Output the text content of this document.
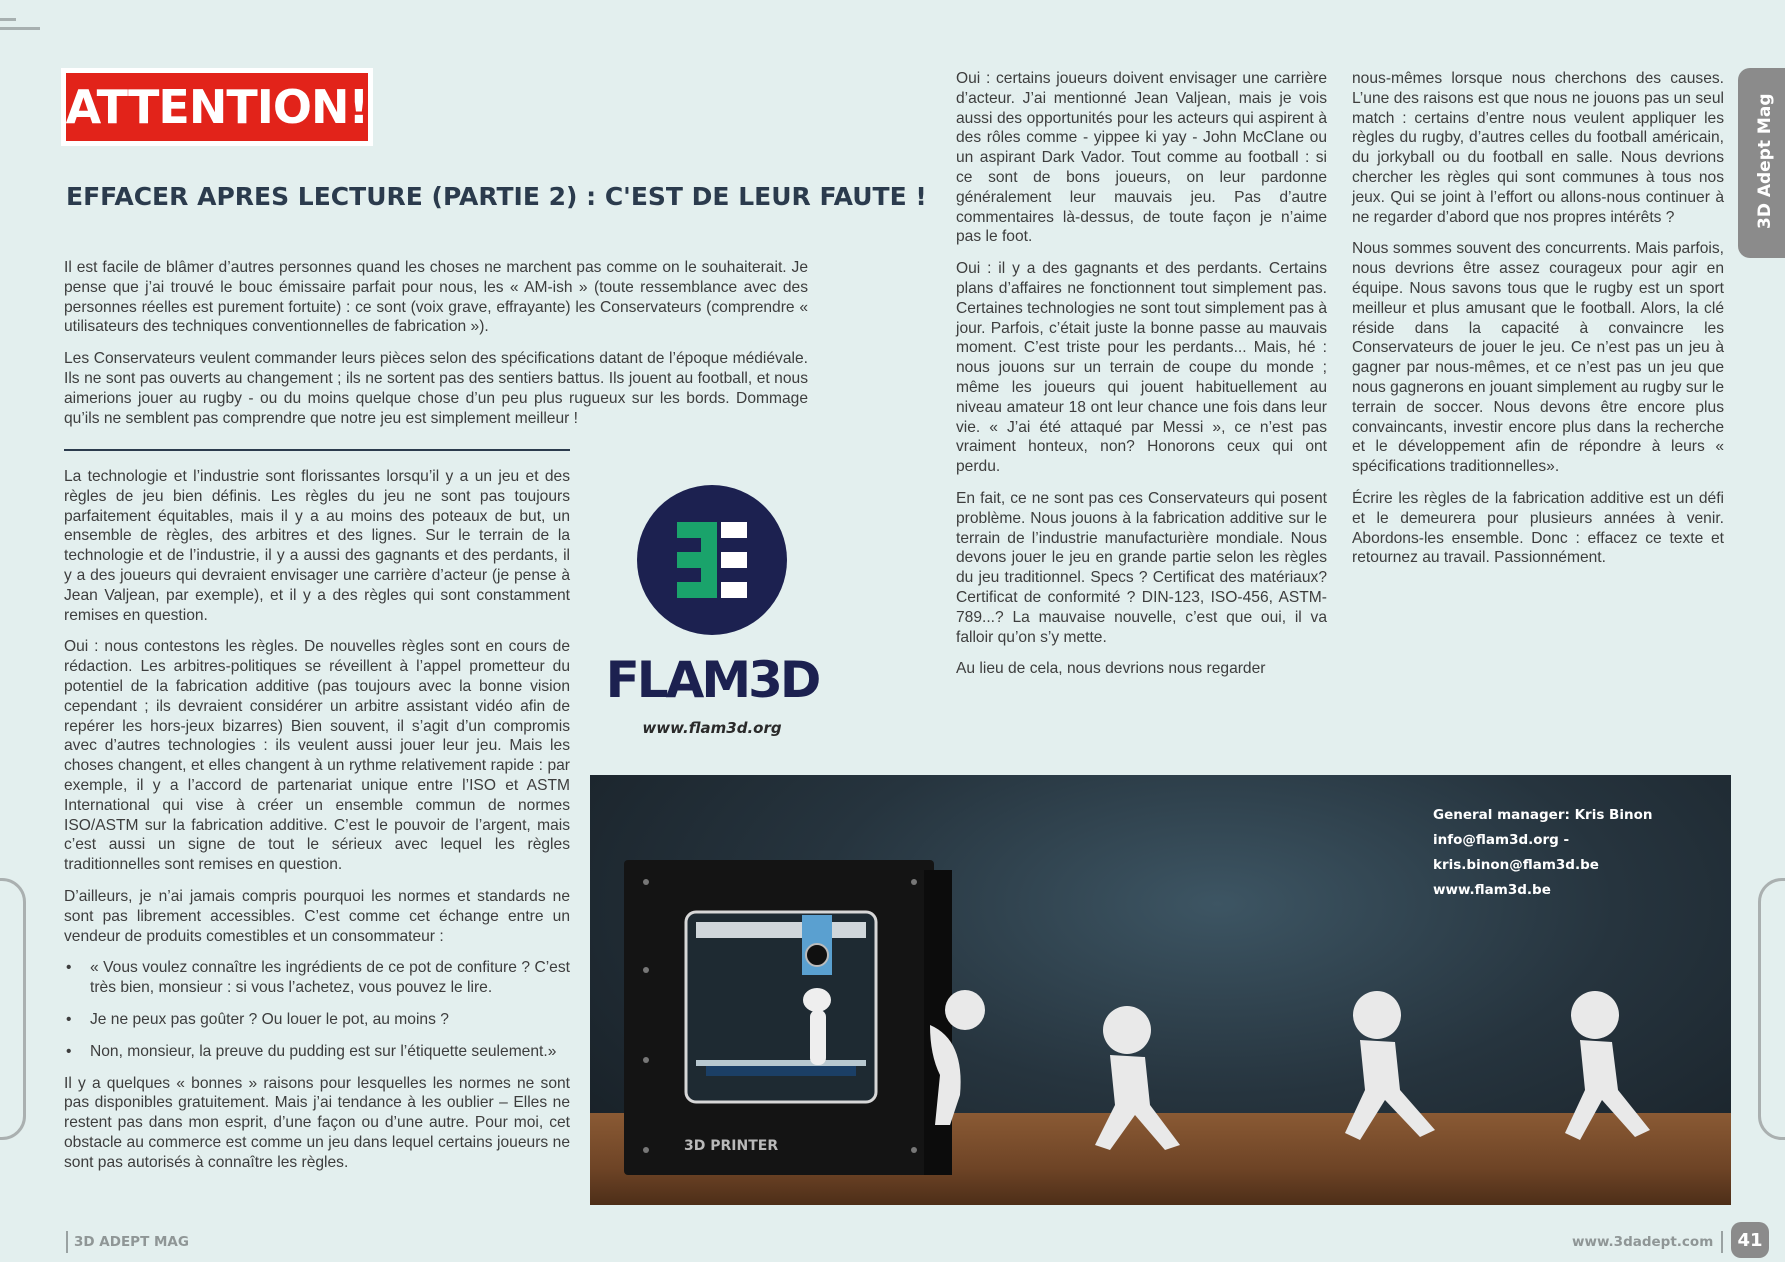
ATTENTION!
EFFACER APRES LECTURE (PARTIE 2) : C'EST DE LEUR FAUTE !

Il est facile de blâmer d’autres personnes quand les choses ne marchent pas comme on le souhaiterait. Je pense que j’ai trouvé le bouc émissaire parfait pour nous, les « AM-ish » (toute ressemblance avec des personnes réelles est purement fortuite) : ce sont (voix grave, effrayante) les Conservateurs (comprendre « utilisateurs des techniques conventionnelles de fabrication »).

Les Conservateurs veulent commander leurs pièces selon des spécifications datant de l’époque médiévale. Ils ne sont pas ouverts au changement ; ils ne sortent pas des sentiers battus. Ils jouent au football, et nous aimerions jouer au rugby - ou du moins quelque chose d’un peu plus rugueux sur les bords. Dommage qu’ils ne semblent pas comprendre que notre jeu est simplement meilleur !

La technologie et l’industrie sont florissantes lorsqu’il y a un jeu et des règles de jeu bien définis. Les règles du jeu ne sont pas toujours parfaitement équitables, mais il y a au moins des poteaux de but, un ensemble de règles, des arbitres et des lignes. Sur le terrain de la technologie et de l’industrie, il y a aussi des gagnants et des perdants, il y a des joueurs qui devraient envisager une carrière d’acteur (je pense à Jean Valjean, par exemple), et il y a des règles qui sont constamment remises en question.

Oui : nous contestons les règles. De nouvelles règles sont en cours de rédaction. Les arbitres-politiques se réveillent à l’appel prometteur du potentiel de la fabrication additive (pas toujours avec la bonne vision cependant ; ils devraient considérer un arbitre assistant vidéo afin de repérer les hors-jeux bizarres) Bien souvent, il s’agit d’un compromis avec d’autres technologies : ils veulent aussi jouer leur jeu. Mais les choses changent, et elles changent à un rythme relativement rapide : par exemple, il y a l’accord de partenariat unique entre l’ISO et ASTM International qui vise à créer un ensemble commun de normes ISO/ASTM sur la fabrication additive. C’est le pouvoir de l’argent, mais c’est aussi un signe de tout le sérieux avec lequel les règles traditionnelles sont remises en question.

D’ailleurs, je n’ai jamais compris pourquoi les normes et standards ne sont pas librement accessibles. C’est comme cet échange entre un vendeur de produits comestibles et un consommateur :

• « Vous voulez connaître les ingrédients de ce pot de confiture ? C’est très bien, monsieur : si vous l’achetez, vous pouvez le lire.
• Je ne peux pas goûter ? Ou louer le pot, au moins ?
• Non, monsieur, la preuve du pudding est sur l’étiquette seulement.»

Il y a quelques « bonnes » raisons pour lesquelles les normes ne sont pas disponibles gratuitement. Mais j’ai tendance à les oublier – Elles ne restent pas dans mon esprit, d’une façon ou d’une autre. Pour moi, cet obstacle au commerce est comme un jeu dans lequel certains joueurs ne sont pas autorisés à connaître les règles.

FLAM3D
www.flam3d.org

Oui : certains joueurs doivent envisager une carrière d’acteur. J’ai mentionné Jean Valjean, mais je vois aussi des opportunités pour les acteurs qui aspirent à des rôles comme - yippee ki yay - John McClane ou un aspirant Dark Vador. Tout comme au football : si ce sont de bons joueurs, on leur pardonne généralement leur mauvais jeu. Pas d’autre commentaires là-dessus, de toute façon je n’aime pas le foot.

Oui : il y a des gagnants et des perdants. Certains plans d’affaires ne fonctionnent tout simplement pas. Certaines technologies ne sont tout simplement pas à jour. Parfois, c’était juste la bonne passe au mauvais moment. C’est triste pour les perdants... Mais, hé : nous jouons sur un terrain de coupe du monde ; même les joueurs qui jouent habituellement au niveau amateur 18 ont leur chance une fois dans leur vie. « J’ai été attaqué par Messi », ce n’est pas vraiment honteux, non? Honorons ceux qui ont perdu.

En fait, ce ne sont pas ces Conservateurs qui posent problème. Nous jouons à la fabrication additive sur le terrain de l’industrie manufacturière mondiale. Nous devons jouer le jeu en grande partie selon les règles du jeu traditionnel. Specs ? Certificat des matériaux? Certificat de conformité ? DIN-123, ISO-456, ASTM-789...? La mauvaise nouvelle, c’est que oui, il va falloir qu’on s’y mette.

Au lieu de cela, nous devrions nous regarder

nous-mêmes lorsque nous cherchons des causes. L’une des raisons est que nous ne jouons pas un seul match : certains d’entre nous veulent appliquer les règles du rugby, d’autres celles du football américain, du jorkyball ou du football en salle. Nous devrions chercher les règles qui sont communes à tous nos jeux. Qui se joint à l’effort ou allons-nous continuer à ne regarder d’abord que nos propres intérêts ?

Nous sommes souvent des concurrents. Mais parfois, nous devrions être assez courageux pour agir en équipe. Nous savons tous que le rugby est un sport meilleur et plus amusant que le football. Alors, la clé réside dans la capacité à convaincre les Conservateurs de jouer le jeu. Ce n’est pas un jeu à gagner par nous-mêmes, et ce n’est pas un jeu que nous gagnerons en jouant simplement au rugby sur le terrain de soccer. Nous devons être encore plus convaincants, investir encore plus dans la recherche et le développement afin de répondre à leurs « spécifications traditionnelles».

Écrire les règles de la fabrication additive est un défi et le demeurera pour plusieurs années à venir. Abordons-les ensemble. Donc : effacez ce texte et retournez au travail. Passionnément.

3D PRINTER
General manager: Kris Binon
info@flam3d.org - kris.binon@flam3d.be
www.flam3d.be
3D Adept Mag
3D ADEPT MAG	www.3dadept.com	41
